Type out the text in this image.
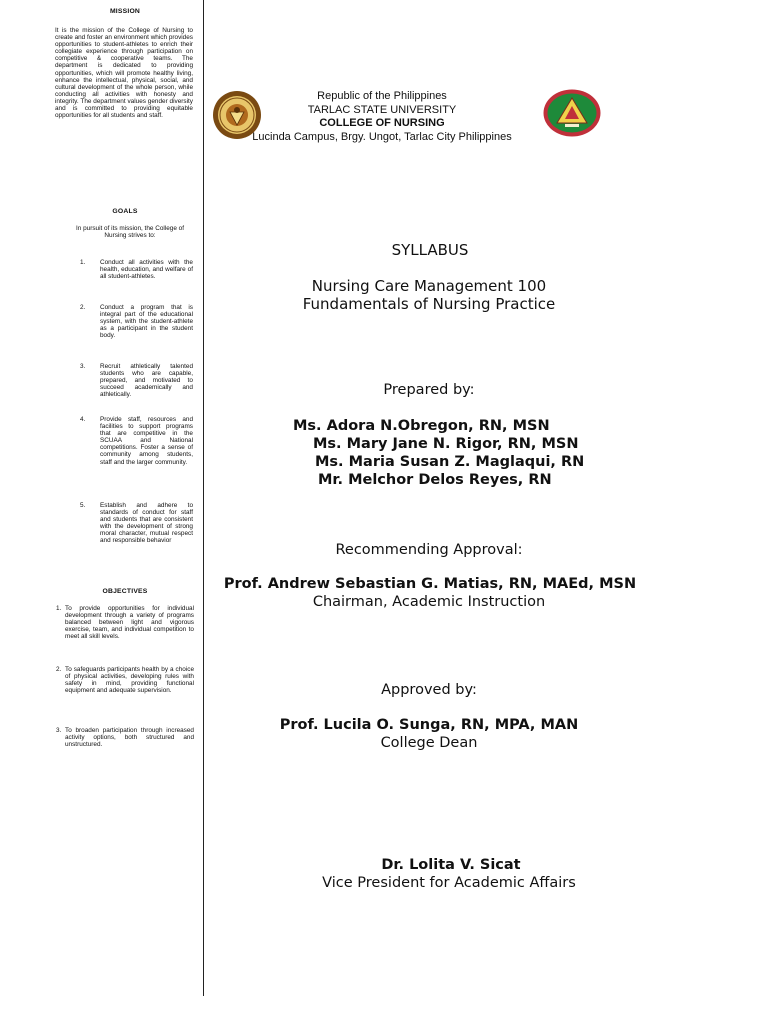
MISSION
It is the mission of the College of Nursing to create and foster an environment which provides opportunities to student-athletes to enrich their collegiate experience through participation on competitive & cooperative teams. The department is dedicated to providing opportunities, which will promote healthy living, enhance the intellectual, physical, social, and cultural development of the whole person, while conducting all activities with honesty and integrity. The department values gender diversity and is committed to providing equitable opportunities for all students and staff.
GOALS
In pursuit of its mission, the College of Nursing strives to:
1. Conduct all activities with the health, education, and welfare of all student-athletes.
2. Conduct a program that is integral part of the educational system, with the student-athlete as a participant in the student body.
3. Recruit athletically talented students who are capable, prepared, and motivated to succeed academically and athletically.
4. Provide staff, resources and facilities to support programs that are competitive in the SCUAA and National competitions. Foster a sense of community among students, staff and the larger community.
5. Establish and adhere to standards of conduct for staff and students that are consistent with the development of strong moral character, mutual respect and responsible behavior
OBJECTIVES
1. To provide opportunities for individual development through a variety of programs balanced between light and vigorous exercise, team, and individual competition to meet all skill levels.
2. To safeguards participants health by a choice of physical activities, developing rules with safety in mind, providing functional equipment and adequate supervision.
3. To broaden participation through increased activity options, both structured and unstructured.
Republic of the Philippines
TARLAC STATE UNIVERSITY
COLLEGE OF NURSING
Lucinda Campus, Brgy. Ungot, Tarlac City Philippines
SYLLABUS
Nursing Care Management 100
Fundamentals of Nursing Practice
Prepared by:
Ms. Adora N.Obregon, RN, MSN
Ms. Mary Jane N. Rigor, RN, MSN
Ms. Maria Susan Z. Maglaqui, RN
Mr. Melchor Delos Reyes, RN
Recommending Approval:
Prof. Andrew Sebastian G. Matias, RN, MAEd, MSN
Chairman, Academic Instruction
Approved by:
Prof. Lucila O. Sunga, RN, MPA, MAN
College Dean
Dr. Lolita V. Sicat
Vice President for Academic Affairs
